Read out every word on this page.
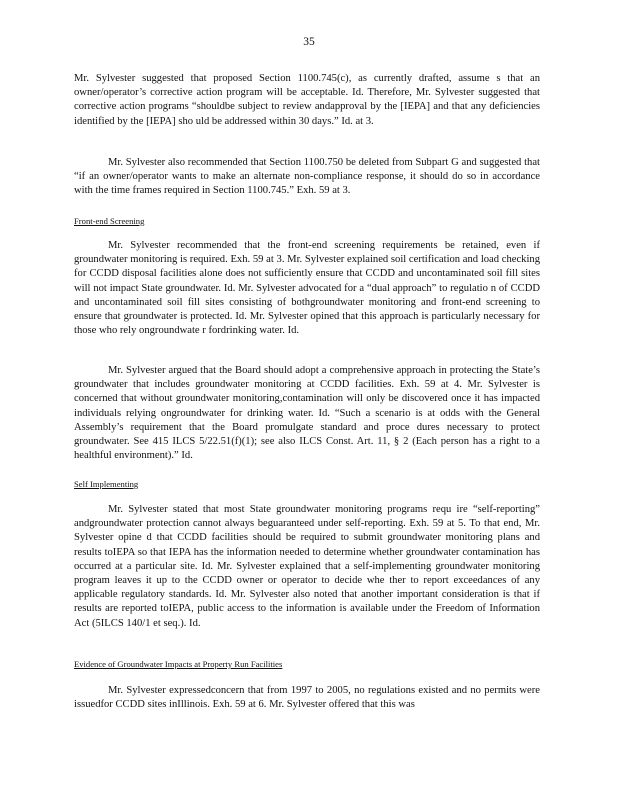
35

Mr. Sylvester suggested that proposed Section 1100.745(c), as currently drafted, assume s that an owner/operator’s corrective action program will be acceptable. Id. Therefore, Mr. Sylvester suggested that corrective action programs “shouldbe subject to review andapproval by the [IEPA] and that any deficiencies identified by the [IEPA] sho uld be addressed within 30 days.” Id. at 3.

Mr. Sylvester also recommended that Section 1100.750 be deleted from Subpart G and suggested that “if an owner/operator wants to make an alternate non-compliance response, it should do so in accordance with the time frames required in Section 1100.745.” Exh. 59 at 3.

Front-end Screening

Mr. Sylvester recommended that the front-end screening requirements be retained, even if groundwater monitoring is required. Exh. 59 at 3. Mr. Sylvester explained soil certification and load checking for CCDD disposal facilities alone does not sufficiently ensure that CCDD and uncontaminated soil fill sites will not impact State groundwater. Id. Mr. Sylvester advocated for a “dual approach” to regulatio n of CCDD and uncontaminated soil fill sites consisting of bothgroundwater monitoring and front-end screening to ensure that groundwater is protected. Id. Mr. Sylvester opined that this approach is particularly necessary for those who rely ongroundwate r fordrinking water. Id.

Mr. Sylvester argued that the Board should adopt a comprehensive approach in protecting the State’s groundwater that includes groundwater monitoring at CCDD facilities. Exh. 59 at 4. Mr. Sylvester is concerned that without groundwater monitoring,contamination will only be discovered once it has impacted individuals relying ongroundwater for drinking water. Id. “Such a scenario is at odds with the General Assembly’s requirement that the Board promulgate standard and proce dures necessary to protect groundwater. See 415 ILCS 5/22.51(f)(1); see also ILCS Const. Art. 11, § 2 (Each person has a right to a healthful environment).” Id.

Self Implementing

Mr. Sylvester stated that most State groundwater monitoring programs requ ire “self-reporting” andgroundwater protection cannot always beguaranteed under self-reporting. Exh. 59 at 5. To that end, Mr. Sylvester opine d that CCDD facilities should be required to submit groundwater monitoring plans and results toIEPA so that IEPA has the information needed to determine whether groundwater contamination has occurred at a particular site. Id. Mr. Sylvester explained that a self-implementing groundwater monitoring program leaves it up to the CCDD owner or operator to decide whe ther to report exceedances of any applicable regulatory standards. Id. Mr. Sylvester also noted that another important consideration is that if results are reported toIEPA, public access to the information is available under the Freedom of Information Act (5ILCS 140/1 et seq.). Id.

Evidence of Groundwater Impacts at Property Run Facilities

Mr. Sylvester expressedconcern that from 1997 to 2005, no regulations existed and no permits were issuedfor CCDD sites inIllinois. Exh. 59 at 6. Mr. Sylvester offered that this was
